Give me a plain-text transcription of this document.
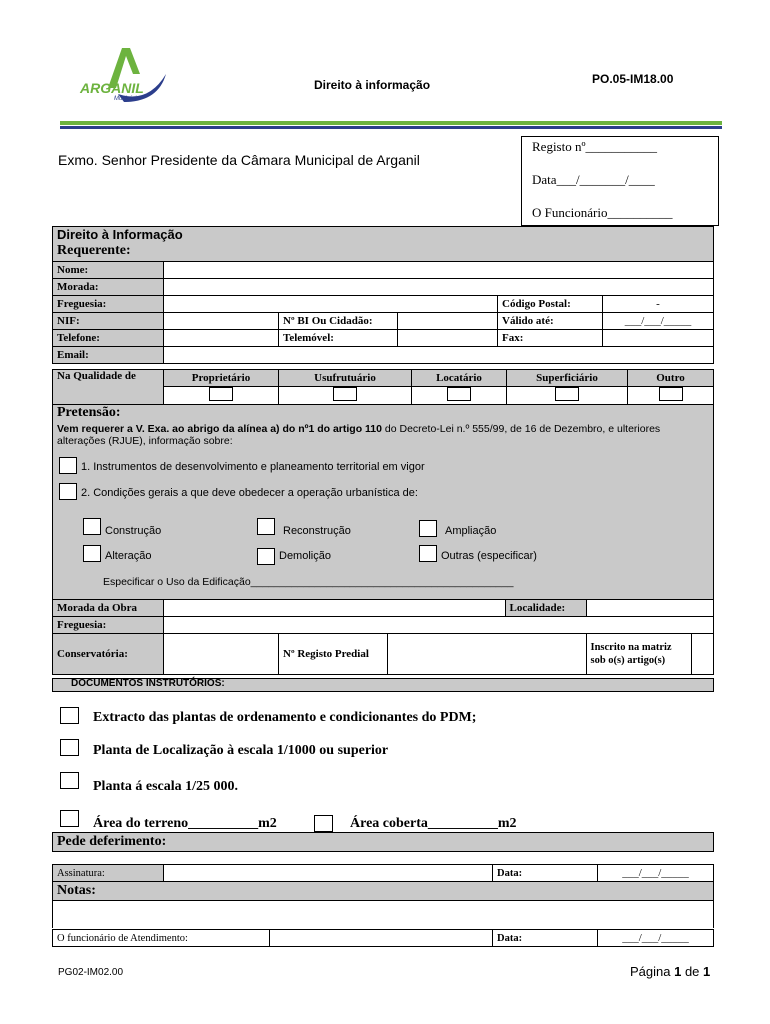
ARGANIL
Município
Direito à informação	PO.05-IM18.00
Exmo. Senhor Presidente da Câmara Municipal de Arganil
Registo nº___________
Data___/_______/____
O Funcionário__________
Direito à Informação
Requerente:
Nome:					
Morada:					
Freguesia:				Código Postal:	-
NIF:		Nº BI Ou Cidadão:		Válido até:	___/___/_____
Telefone:		Telemóvel:		Fax:	
Email:					
Na Qualidade de	Proprietário	Usufrutuário	Locatário	Superficiário	Outro

Pretensão:
Vem requerer a V. Exa. ao abrigo da alínea a) do nº1 do artigo 110 do Decreto-Lei n.º 555/99, de 16 de Dezembro, e ulteriores alterações (RJUE), informação sobre:
1. Instrumentos de desenvolvimento e planeamento territorial em vigor
2. Condições gerais a que deve obedecer a operação urbanística de:
Construção	Reconstrução	Ampliação
Alteração	Demolição	Outras (especificar)
Especificar o Uso da Edificação_____________________________________________
Morada da Obra				Localidade:		
Freguesia:						
Conservatória:		Nº Registo Predial			Inscrito na matriz sob o(s) artigo(s)	
DOCUMENTOS INSTRUTÓRIOS:
Extracto das plantas de ordenamento e condicionantes do PDM;
Planta de Localização à escala 1/1000 ou superior
Planta á escala 1/25 000.
Área do terreno__________m2	Área coberta__________m2
Pede deferimento:
Assinatura:		Data:	___/___/_____
Notas:
O funcionário de Atendimento:		Data:	___/___/_____
PG02-IM02.00	Página 1 de 1
